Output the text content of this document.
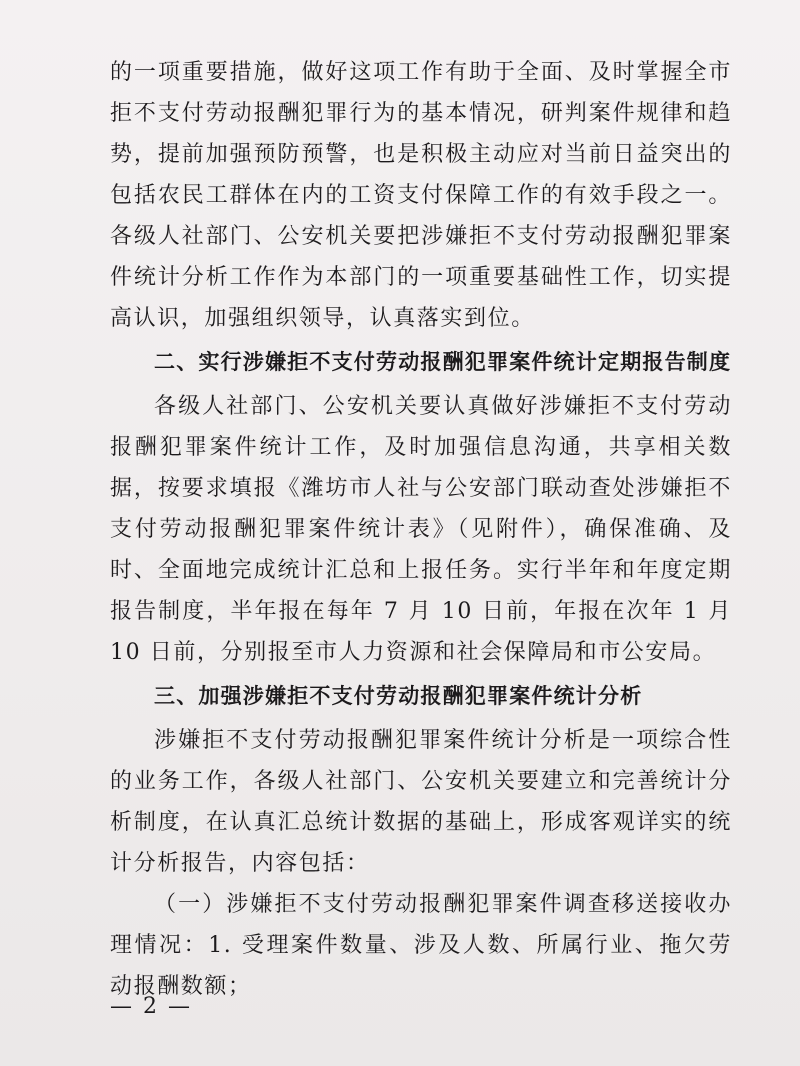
的一项重要措施，做好这项工作有助于全面、及时掌握全市拒不支付劳动报酬犯罪行为的基本情况，研判案件规律和趋势，提前加强预防预警，也是积极主动应对当前日益突出的包括农民工群体在内的工资支付保障工作的有效手段之一。各级人社部门、公安机关要把涉嫌拒不支付劳动报酬犯罪案件统计分析工作作为本部门的一项重要基础性工作，切实提高认识，加强组织领导，认真落实到位。

二、实行涉嫌拒不支付劳动报酬犯罪案件统计定期报告制度

各级人社部门、公安机关要认真做好涉嫌拒不支付劳动报酬犯罪案件统计工作，及时加强信息沟通，共享相关数据，按要求填报《潍坊市人社与公安部门联动查处涉嫌拒不支付劳动报酬犯罪案件统计表》（见附件），确保准确、及时、全面地完成统计汇总和上报任务。实行半年和年度定期报告制度，半年报在每年 7 月 10 日前，年报在次年 1 月 10 日前，分别报至市人力资源和社会保障局和市公安局。

三、加强涉嫌拒不支付劳动报酬犯罪案件统计分析

涉嫌拒不支付劳动报酬犯罪案件统计分析是一项综合性的业务工作，各级人社部门、公安机关要建立和完善统计分析制度，在认真汇总统计数据的基础上，形成客观详实的统计分析报告，内容包括：

（一）涉嫌拒不支付劳动报酬犯罪案件调查移送接收办理情况：1. 受理案件数量、涉及人数、所属行业、拖欠劳动报酬数额；

— 2 —
